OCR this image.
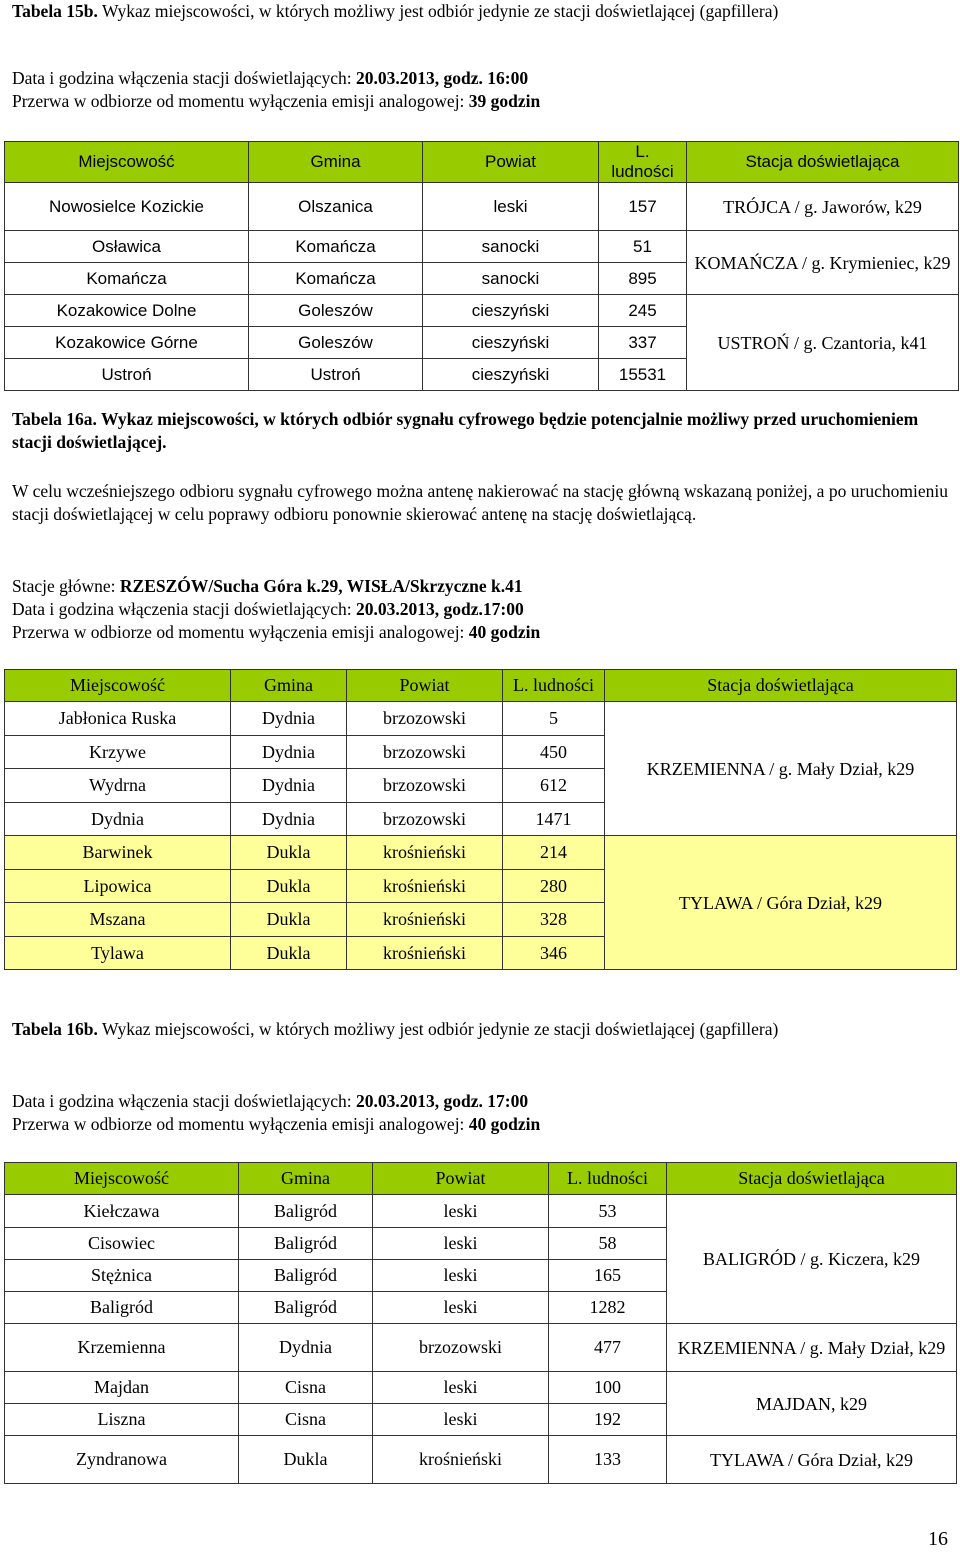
Tabela 15b. Wykaz miejscowości, w których możliwy jest odbiór jedynie ze stacji doświetlającej (gapfillera)
Data i godzina włączenia stacji doświetlających: 20.03.2013, godz. 16:00
Przerwa w odbiorze od momentu wyłączenia emisji analogowej: 39 godzin
Miejscowość	Gmina	Powiat	L. ludności	Stacja doświetlająca
Nowosielce Kozickie	Olszanica	leski	157	TRÓJCA / g. Jaworów, k29
Osławica	Komańcza	sanocki	51	KOMAŃCZA / g. Krymieniec, k29
Komańcza	Komańcza	sanocki	895	
Kozakowice Dolne	Goleszów	cieszyński	245	USTROŃ / g. Czantoria, k41
Kozakowice Górne	Goleszów	cieszyński	337	
Ustroń	Ustroń	cieszyński	15531	
Tabela 16a. Wykaz miejscowości, w których odbiór sygnału cyfrowego będzie potencjalnie możliwy przed uruchomieniem stacji doświetlającej.
W celu wcześniejszego odbioru sygnału cyfrowego można antenę nakierować na stację główną wskazaną poniżej, a po uruchomieniu stacji doświetlającej w celu poprawy odbioru ponownie skierować antenę na stację doświetlającą.
Stacje główne: RZESZÓW/Sucha Góra k.29, WISŁA/Skrzyczne k.41
Data i godzina włączenia stacji doświetlających: 20.03.2013, godz.17:00
Przerwa w odbiorze od momentu wyłączenia emisji analogowej: 40 godzin
Miejscowość	Gmina	Powiat	L. ludności	Stacja doświetlająca
Jabłonica Ruska	Dydnia	brzozowski	5	KRZEMIENNA / g. Mały Dział, k29
Krzywe	Dydnia	brzozowski	450	
Wydrna	Dydnia	brzozowski	612	
Dydnia	Dydnia	brzozowski	1471	
Barwinek	Dukla	krośnieński	214	TYLAWA / Góra Dział, k29
Lipowica	Dukla	krośnieński	280	
Mszana	Dukla	krośnieński	328	
Tylawa	Dukla	krośnieński	346	
Tabela 16b. Wykaz miejscowości, w których możliwy jest odbiór jedynie ze stacji doświetlającej (gapfillera)
Data i godzina włączenia stacji doświetlających: 20.03.2013, godz. 17:00
Przerwa w odbiorze od momentu wyłączenia emisji analogowej: 40 godzin
Miejscowość	Gmina	Powiat	L. ludności	Stacja doświetlająca
Kiełczawa	Baligród	leski	53	BALIGRÓD / g. Kiczera, k29
Cisowiec	Baligród	leski	58	
Stężnica	Baligród	leski	165	
Baligród	Baligród	leski	1282	
Krzemienna	Dydnia	brzozowski	477	KRZEMIENNA / g. Mały Dział, k29
Majdan	Cisna	leski	100	MAJDAN, k29
Liszna	Cisna	leski	192	
Zyndranowa	Dukla	krośnieński	133	TYLAWA / Góra Dział, k29
16
